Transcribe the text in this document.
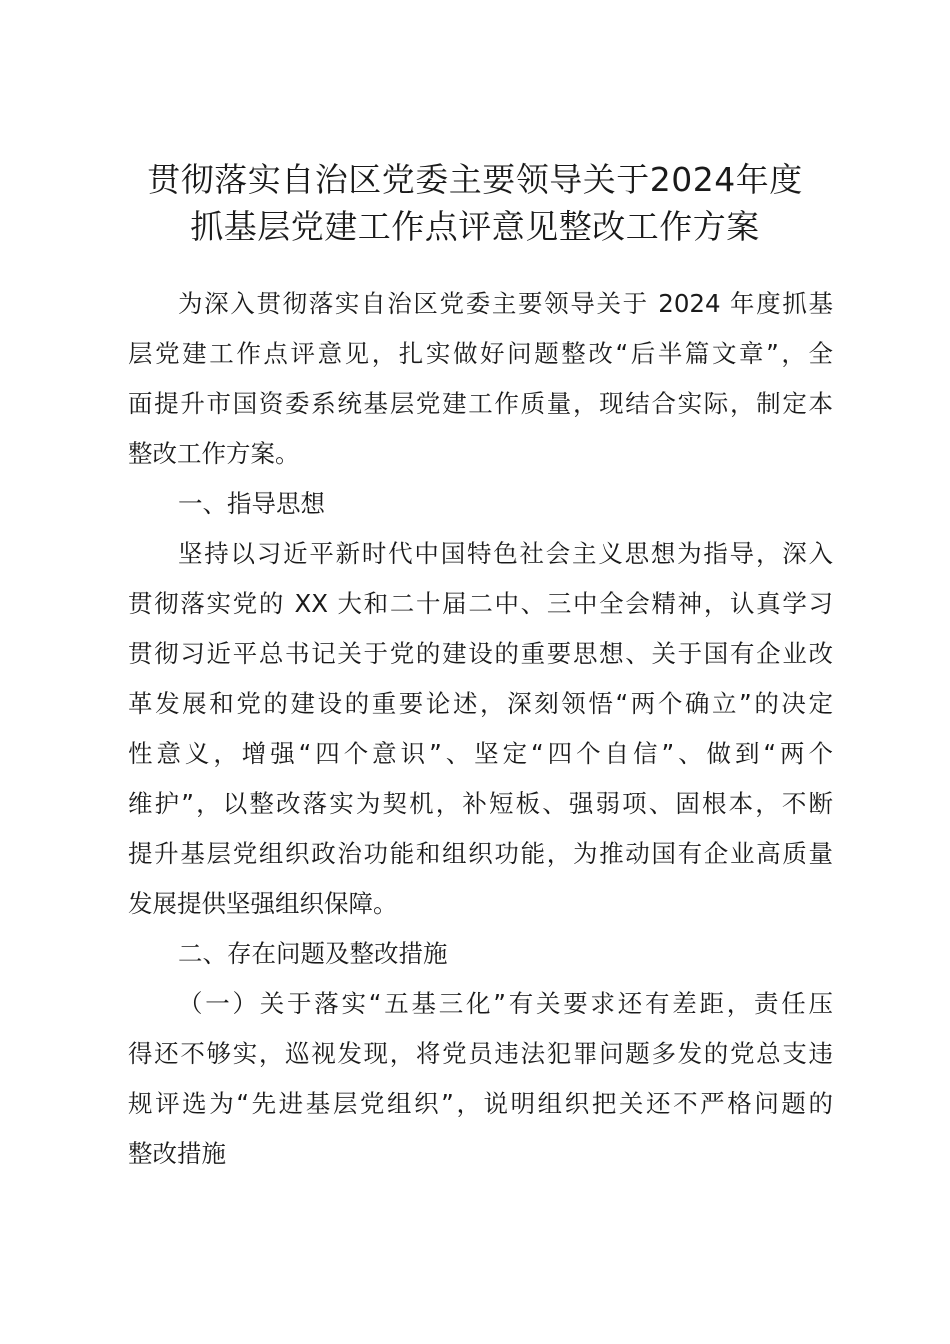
贯彻落实自治区党委主要领导关于2024年度
抓基层党建工作点评意见整改工作方案
为深入贯彻落实自治区党委主要领导关于 2024 年度抓基
层党建工作点评意见，扎实做好问题整改“后半篇文章”，全
面提升市国资委系统基层党建工作质量，现结合实际，制定本
整改工作方案。
一、指导思想
坚持以习近平新时代中国特色社会主义思想为指导，深入
贯彻落实党的 XX 大和二十届二中、三中全会精神，认真学习
贯彻习近平总书记关于党的建设的重要思想、关于国有企业改
革发展和党的建设的重要论述，深刻领悟“两个确立”的决定
性意义，增强“四个意识”、坚定“四个自信”、做到“两个
维护”，以整改落实为契机，补短板、强弱项、固根本，不断
提升基层党组织政治功能和组织功能，为推动国有企业高质量
发展提供坚强组织保障。
二、存在问题及整改措施
（一）关于落实“五基三化”有关要求还有差距，责任压
得还不够实，巡视发现，将党员违法犯罪问题多发的党总支违
规评选为“先进基层党组织”，说明组织把关还不严格问题的
整改措施
